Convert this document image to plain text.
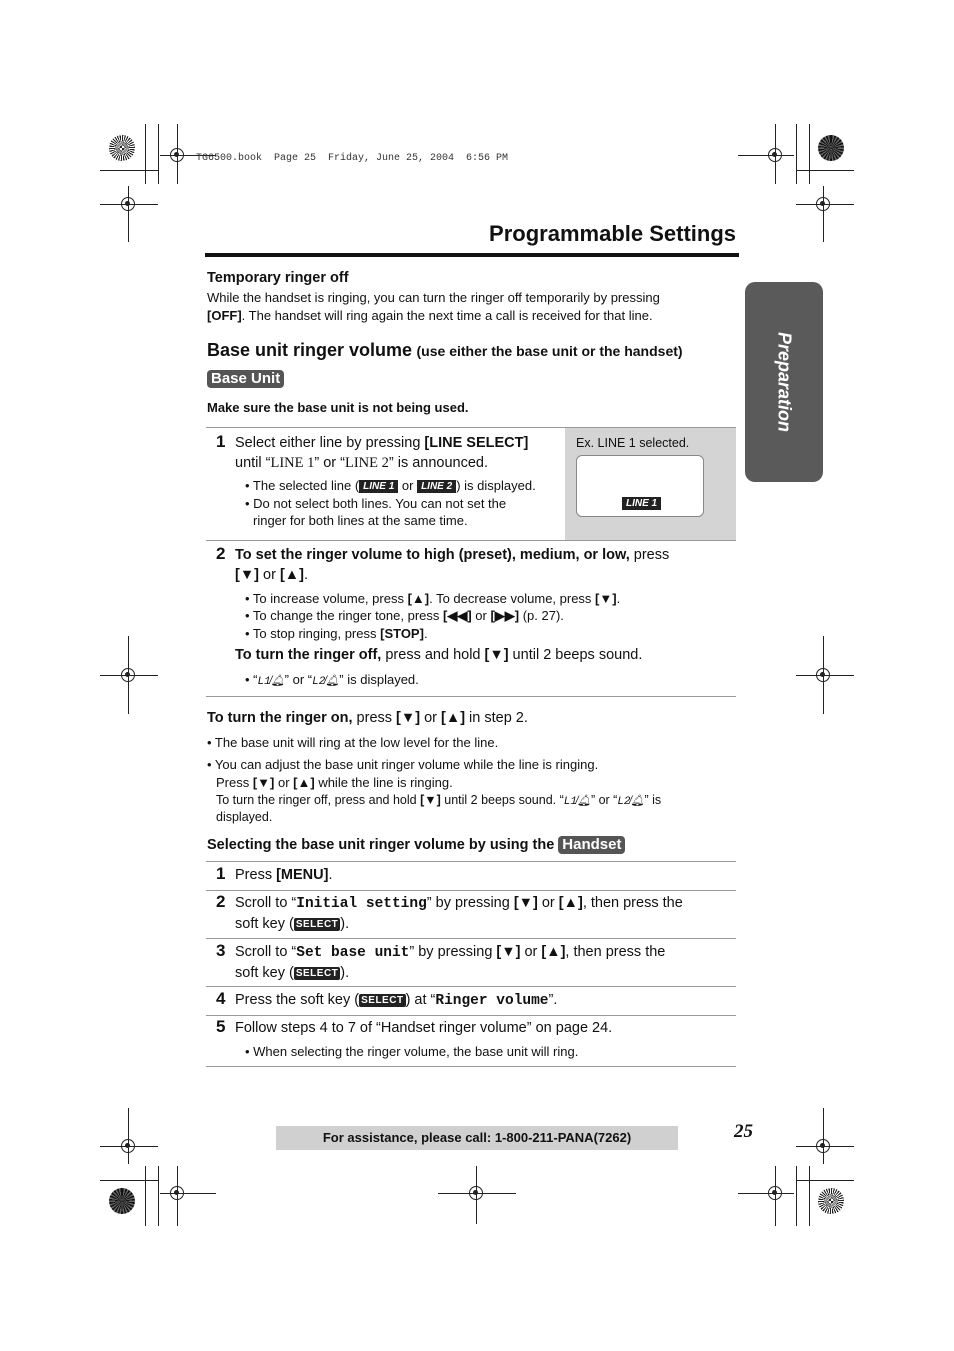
TG6500.book  Page 25  Friday, June 25, 2004  6:56 PM
Programmable Settings
Preparation
Temporary ringer off
While the handset is ringing, you can turn the ringer off temporarily by pressing
[OFF]. The handset will ring again the next time a call is received for that line.
Base unit ringer volume (use either the base unit or the handset)
Base Unit
Make sure the base unit is not being used.
Ex. LINE 1 selected.
LINE 1
1 Select either line by pressing [LINE SELECT]
until “LINE 1” or “LINE 2” is announced.
• The selected line ( LINE 1 or LINE 2 ) is displayed.
• Do not select both lines. You can not set the
ringer for both lines at the same time.
2 To set the ringer volume to high (preset), medium, or low, press
[▼] or [▲].
• To increase volume, press [▲]. To decrease volume, press [▼].
• To change the ringer tone, press [◀◀] or [▶▶] (p. 27).
• To stop ringing, press [STOP].
To turn the ringer off, press and hold [▼] until 2 beeps sound.
• “L1̸🔔︎” or “L2̸🔔︎” is displayed.
To turn the ringer on, press [▼] or [▲] in step 2.
• The base unit will ring at the low level for the line.
• You can adjust the base unit ringer volume while the line is ringing.
Press [▼] or [▲] while the line is ringing.
To turn the ringer off, press and hold [▼] until 2 beeps sound. “L1̸🔔︎” or “L2̸🔔︎” is
displayed.
Selecting the base unit ringer volume by using the Handset
1 Press [MENU].
2 Scroll to “Initial setting” by pressing [▼] or [▲], then press the
soft key ( SELECT ).
3 Scroll to “Set base unit” by pressing [▼] or [▲], then press the
soft key ( SELECT ).
4 Press the soft key ( SELECT ) at “Ringer volume”.
5 Follow steps 4 to 7 of “Handset ringer volume” on page 24.
• When selecting the ringer volume, the base unit will ring.
For assistance, please call: 1-800-211-PANA(7262)	25
